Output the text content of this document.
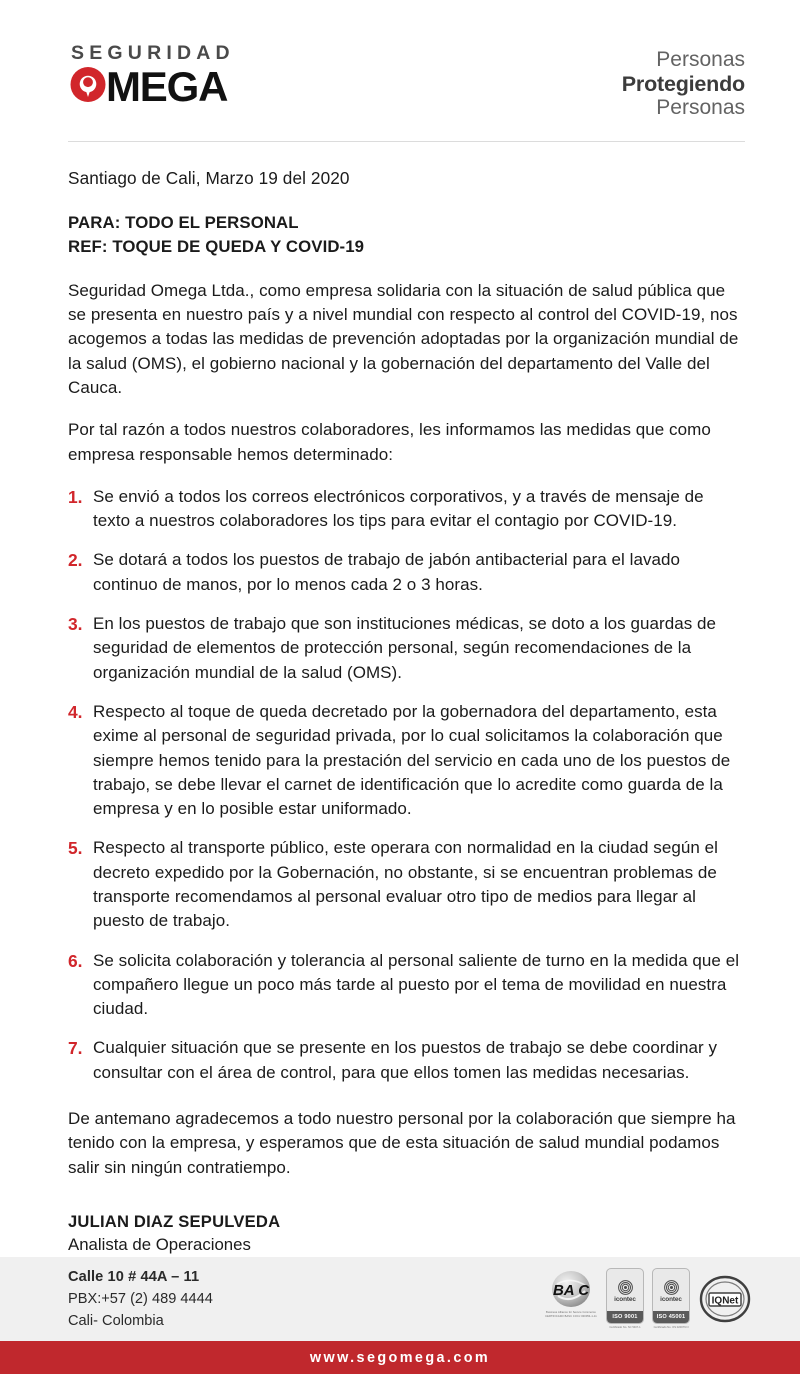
SEGURIDAD
MEGA
Personas
Protegiendo
Personas
Santiago de Cali, Marzo 19 del 2020
PARA: TODO EL PERSONAL
REF: TOQUE DE QUEDA Y COVID-19

Seguridad Omega Ltda., como empresa solidaria con la situación de salud pública que se presenta en nuestro país y a nivel mundial con respecto al control del COVID-19, nos acogemos a todas las medidas de prevención adoptadas por la organización mundial de la salud (OMS), el gobierno nacional y la gobernación del departamento del Valle del Cauca.

Por tal razón a todos nuestros colaboradores, les informamos las medidas que como empresa responsable hemos determinado:

1. Se envió a todos los correos electrónicos corporativos, y a través de mensaje de texto a nuestros colaboradores los tips para evitar el contagio por COVID-19.
2. Se dotará a todos los puestos de trabajo de jabón antibacterial para el lavado continuo de manos, por lo menos cada 2 o 3 horas.
3. En los puestos de trabajo que son instituciones médicas, se doto a los guardas de seguridad de elementos de protección personal, según recomendaciones de la organización mundial de la salud (OMS).
4. Respecto al toque de queda decretado por la gobernadora del departamento, esta exime al personal de seguridad privada, por lo cual solicitamos la colaboración que siempre hemos tenido para la prestación del servicio en cada uno de los puestos de trabajo, se debe llevar el carnet de identificación que lo acredite como guarda de la empresa y en lo posible estar uniformado.
5. Respecto al transporte público, este operara con normalidad en la ciudad según el decreto expedido por la Gobernación, no obstante, si se encuentran problemas de transporte recomendamos al personal evaluar otro tipo de medios para llegar al puesto de trabajo.
6. Se solicita colaboración y tolerancia al personal saliente de turno en la medida que el compañero llegue un poco más tarde al puesto por el tema de movilidad en nuestra ciudad.
7. Cualquier situación que se presente en los puestos de trabajo se debe coordinar y consultar con el área de control, para que ellos tomen las medidas necesarias.

De antemano agradecemos a todo nuestro personal por la colaboración que siempre ha tenido con la empresa, y esperamos que de esta situación de salud mundial podamos salir sin ningún contratiempo.

JULIAN DIAZ SEPULVEDA
Analista de Operaciones
Calle 10 # 44A – 11
PBX:+57 (2) 489 4444
Cali- Colombia
BA C
Business Alliance for Secure Commerce CERTIFICADO BASC COCJ 000054-1-11
icontec
ISO 9001
Certificado No. SC 5407-1
icontec
ISO 45001
Certificado No. OS 020079 N
IQNet
www.segomega.com
